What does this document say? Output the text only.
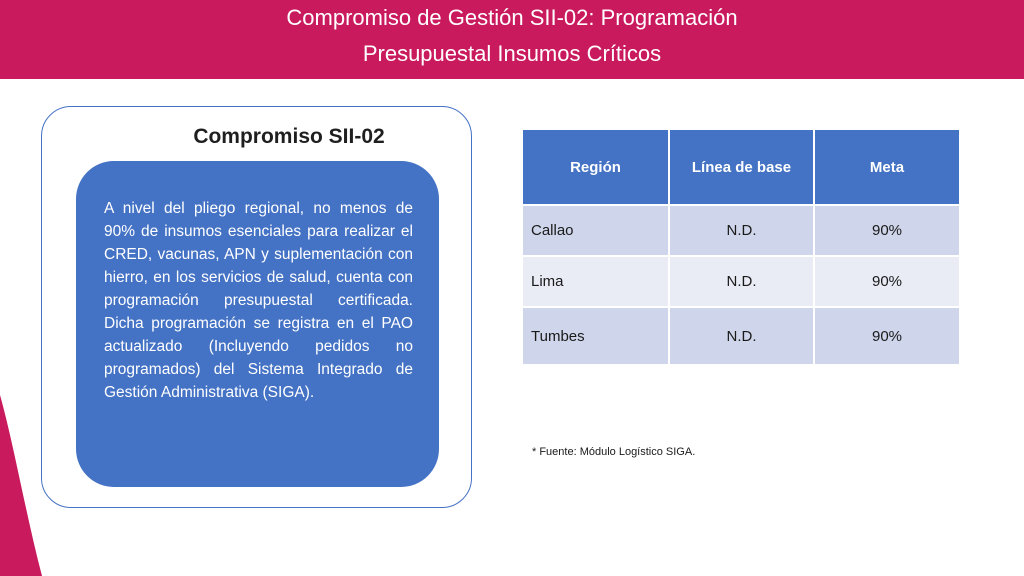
Compromiso de Gestión SII-02: Programación
Presupuestal Insumos Críticos
Compromiso SII-02
A nivel del pliego regional, no menos de 90% de insumos esenciales para realizar el CRED, vacunas, APN y suplementación con hierro, en los servicios de salud, cuenta con programación presupuestal certificada. Dicha programación se registra en el PAO actualizado (Incluyendo pedidos no programados) del Sistema Integrado de Gestión Administrativa (SIGA).
Región	Línea de base	Meta
Callao	N.D.	90%
Lima	N.D.	90%
Tumbes	N.D.	90%
* Fuente: Módulo Logístico SIGA.
